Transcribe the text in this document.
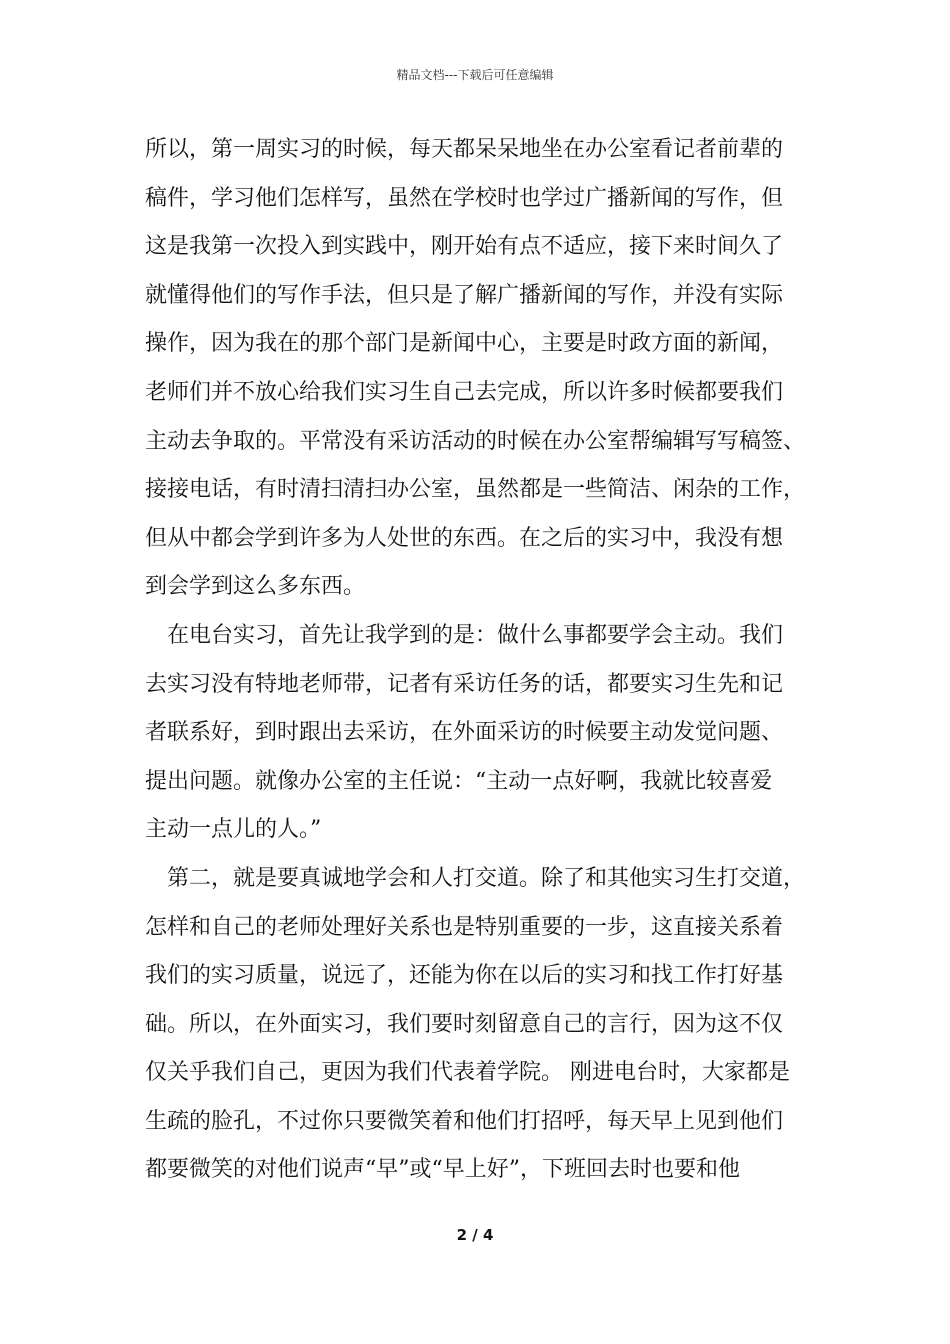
精品文档---下载后可任意编辑

所以，第一周实习的时候，每天都呆呆地坐在办公室看记者前辈的
稿件，学习他们怎样写，虽然在学校时也学过广播新闻的写作，但
这是我第一次投入到实践中，刚开始有点不适应，接下来时间久了
就懂得他们的写作手法，但只是了解广播新闻的写作，并没有实际
操作，因为我在的那个部门是新闻中心，主要是时政方面的新闻，
老师们并不放心给我们实习生自己去完成，所以许多时候都要我们
主动去争取的。平常没有采访活动的时候在办公室帮编辑写写稿签、
接接电话，有时清扫清扫办公室，虽然都是一些简洁、闲杂的工作，
但从中都会学到许多为人处世的东西。在之后的实习中，我没有想
到会学到这么多东西。

在电台实习，首先让我学到的是：做什么事都要学会主动。我们
去实习没有特地老师带，记者有采访任务的话，都要实习生先和记
者联系好，到时跟出去采访，在外面采访的时候要主动发觉问题、
提出问题。就像办公室的主任说：“主动一点好啊，我就比较喜爱
主动一点儿的人。”

第二，就是要真诚地学会和人打交道。除了和其他实习生打交道，
怎样和自己的老师处理好关系也是特别重要的一步，这直接关系着
我们的实习质量，说远了，还能为你在以后的实习和找工作打好基
础。所以，在外面实习，我们要时刻留意自己的言行，因为这不仅
仅关乎我们自己，更因为我们代表着学院。 刚进电台时，大家都是
生疏的脸孔，不过你只要微笑着和他们打招呼，每天早上见到他们
都要微笑的对他们说声“早”或“早上好”，下班回去时也要和他

2 / 4
